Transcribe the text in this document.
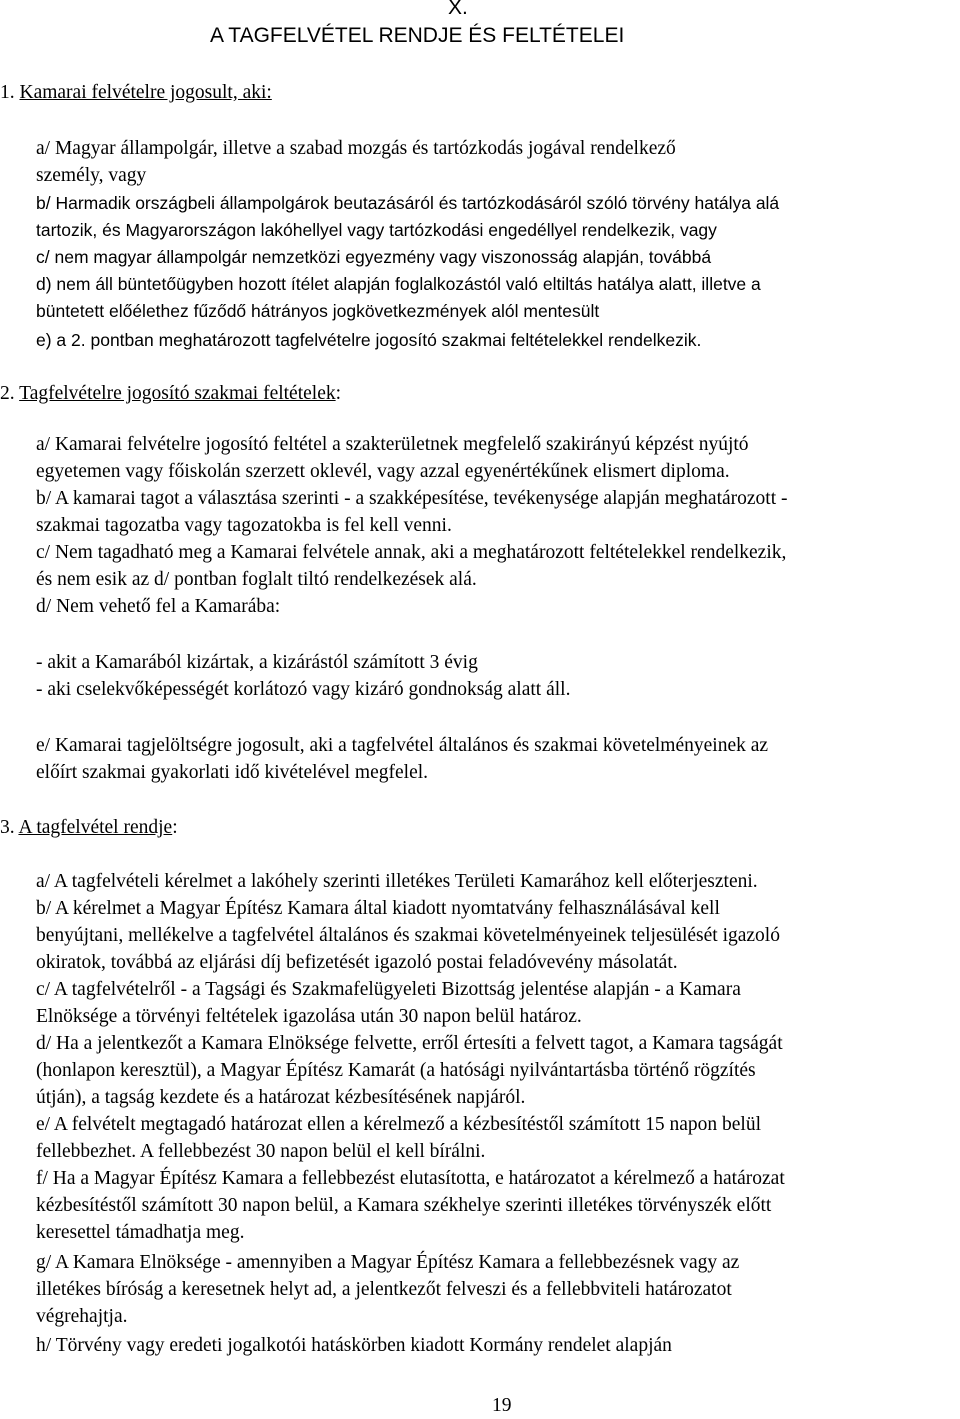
X.
A TAGFELVÉTEL RENDJE ÉS FELTÉTELEI
1. Kamarai felvételre jogosult, aki:
a/ Magyar állampolgár, illetve a szabad mozgás és tartózkodás jogával rendelkező
személy, vagy
b/ Harmadik országbeli állampolgárok beutazásáról és tartózkodásáról szóló törvény hatálya alá
tartozik, és Magyarországon lakóhellyel vagy tartózkodási engedéllyel rendelkezik, vagy
c/ nem magyar állampolgár nemzetközi egyezmény vagy viszonosság alapján, továbbá
d) nem áll büntetőügyben hozott ítélet alapján foglalkozástól való eltiltás hatálya alatt, illetve a
büntetett előélethez fűződő hátrányos jogkövetkezmények alól mentesült
e) a 2. pontban meghatározott tagfelvételre jogosító szakmai feltételekkel rendelkezik.
2. Tagfelvételre jogosító szakmai feltételek:
a/ Kamarai felvételre jogosító feltétel a szakterületnek megfelelő szakirányú képzést nyújtó
egyetemen vagy főiskolán szerzett oklevél, vagy azzal egyenértékűnek elismert diploma.
b/ A kamarai tagot a választása szerinti - a szakképesítése, tevékenysége alapján meghatározott -
szakmai tagozatba vagy tagozatokba is fel kell venni.
c/ Nem tagadható meg a Kamarai felvétele annak, aki a meghatározott feltételekkel rendelkezik,
és nem esik az d/ pontban foglalt tiltó rendelkezések alá.
d/ Nem vehető fel a Kamarába:
- akit a Kamarából kizártak, a kizárástól számított 3 évig
- aki cselekvőképességét korlátozó vagy kizáró gondnokság alatt áll.
e/ Kamarai tagjelöltségre jogosult, aki a tagfelvétel általános és szakmai követelményeinek az
előírt szakmai gyakorlati idő kivételével megfelel.
3. A tagfelvétel rendje:
a/ A tagfelvételi kérelmet a lakóhely szerinti illetékes Területi Kamarához kell előterjeszteni.
b/ A kérelmet a Magyar Építész Kamara által kiadott nyomtatvány felhasználásával kell
benyújtani, mellékelve a tagfelvétel általános és szakmai követelményeinek teljesülését igazoló
okiratok, továbbá az eljárási díj befizetését igazoló postai feladóvevény másolatát.
c/ A tagfelvételről - a Tagsági és Szakmafelügyeleti Bizottság jelentése alapján - a Kamara
Elnöksége a törvényi feltételek igazolása után 30 napon belül határoz.
d/ Ha a jelentkezőt a Kamara Elnöksége felvette, erről értesíti a felvett tagot, a Kamara tagságát
(honlapon keresztül), a Magyar Építész Kamarát (a hatósági nyilvántartásba történő rögzítés
útján), a tagság kezdete és a határozat kézbesítésének napjáról.
e/ A felvételt megtagadó határozat ellen a kérelmező a kézbesítéstől számított 15 napon belül
fellebbezhet. A fellebbezést 30 napon belül el kell bírálni.
f/ Ha a Magyar Építész Kamara a fellebbezést elutasította, e határozatot a kérelmező a határozat
kézbesítéstől számított 30 napon belül, a Kamara székhelye szerinti illetékes törvényszék előtt
keresettel támadhatja meg.
g/ A Kamara Elnöksége - amennyiben a Magyar Építész Kamara a fellebbezésnek vagy az
illetékes bíróság a keresetnek helyt ad, a jelentkezőt felveszi és a fellebbviteli határozatot
végrehajtja.
h/ Törvény vagy eredeti jogalkotói hatáskörben kiadott Kormány rendelet alapján
19
